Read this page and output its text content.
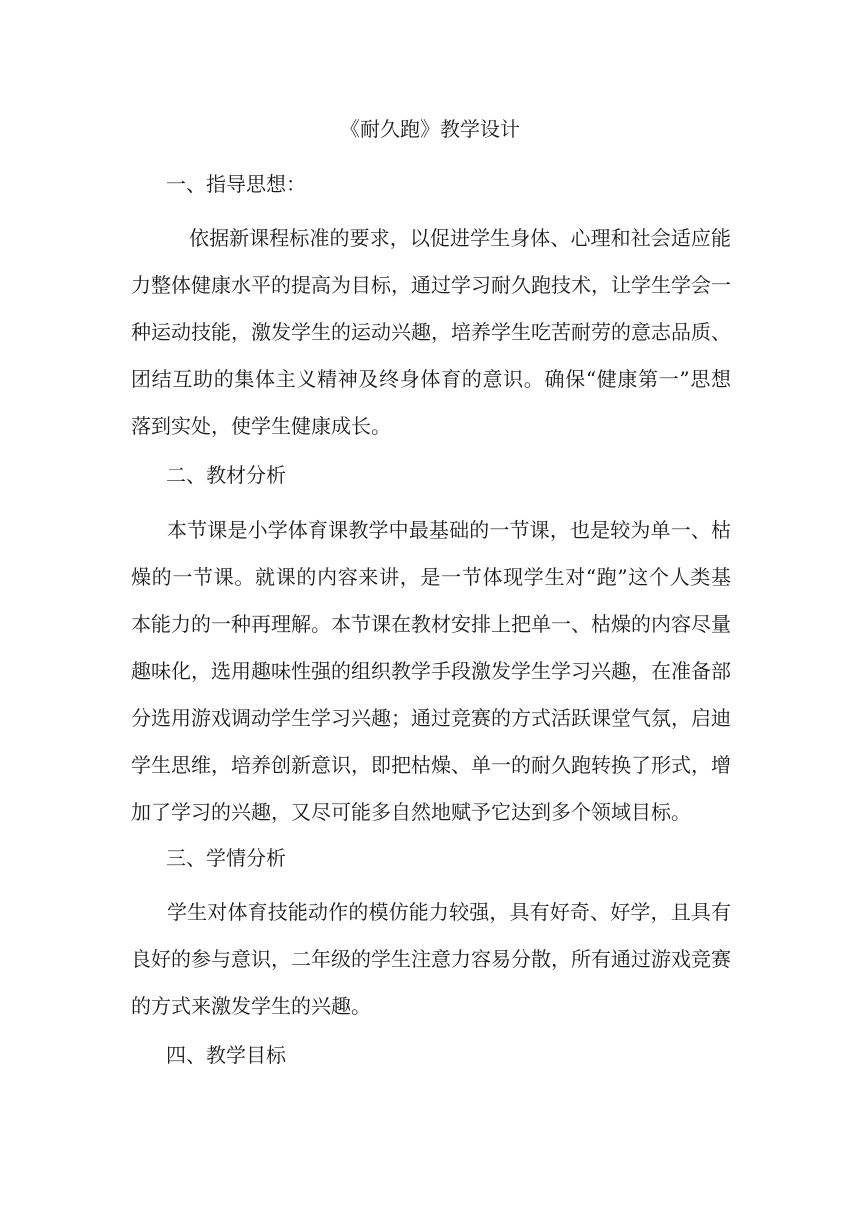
《耐久跑》教学设计
一、指导思想：
依据新课程标准的要求，以促进学生身体、心理和社会适应能力整体健康水平的提高为目标，通过学习耐久跑技术，让学生学会一种运动技能，激发学生的运动兴趣，培养学生吃苦耐劳的意志品质、团结互助的集体主义精神及终身体育的意识。确保“健康第一”思想落到实处，使学生健康成长。
二、教材分析
本节课是小学体育课教学中最基础的一节课，也是较为单一、枯燥的一节课。就课的内容来讲，是一节体现学生对“跑”这个人类基本能力的一种再理解。本节课在教材安排上把单一、枯燥的内容尽量趣味化，选用趣味性强的组织教学手段激发学生学习兴趣，在准备部分选用游戏调动学生学习兴趣；通过竞赛的方式活跃课堂气氛，启迪学生思维，培养创新意识，即把枯燥、单一的耐久跑转换了形式，增加了学习的兴趣，又尽可能多自然地赋予它达到多个领域目标。
三、学情分析
学生对体育技能动作的模仿能力较强，具有好奇、好学，且具有良好的参与意识，二年级的学生注意力容易分散，所有通过游戏竞赛的方式来激发学生的兴趣。
四、教学目标
